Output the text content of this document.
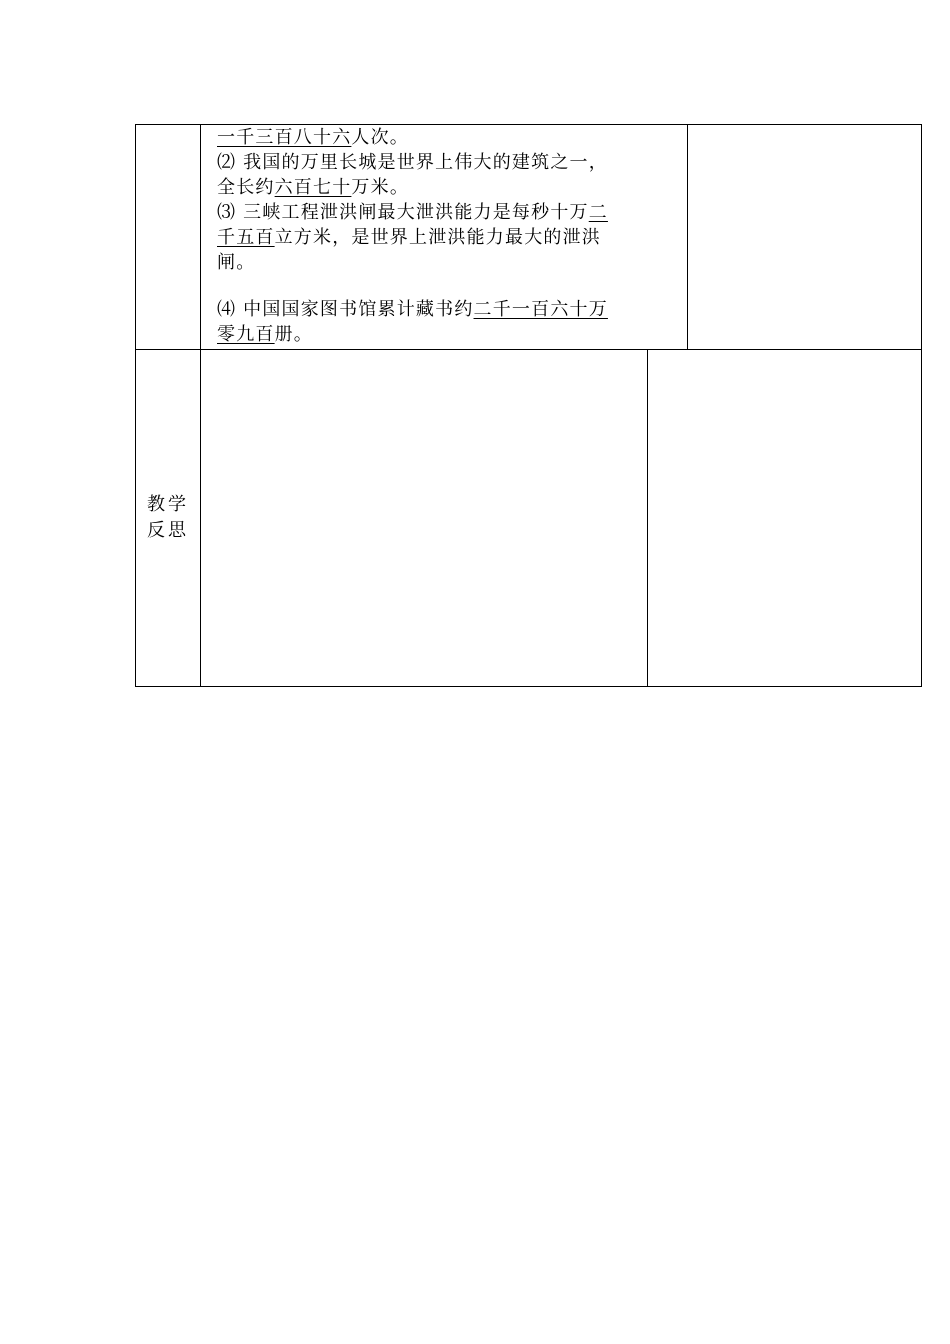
一千三百八十六人次。
⑵ 我国的万里长城是世界上伟大的建筑之一，
全长约六百七十万米。
⑶ 三峡工程泄洪闸最大泄洪能力是每秒十万二
千五百立方米，是世界上泄洪能力最大的泄洪
闸。
⑷ 中国国家图书馆累计藏书约二千一百六十万
零九百册。
教学
反思
